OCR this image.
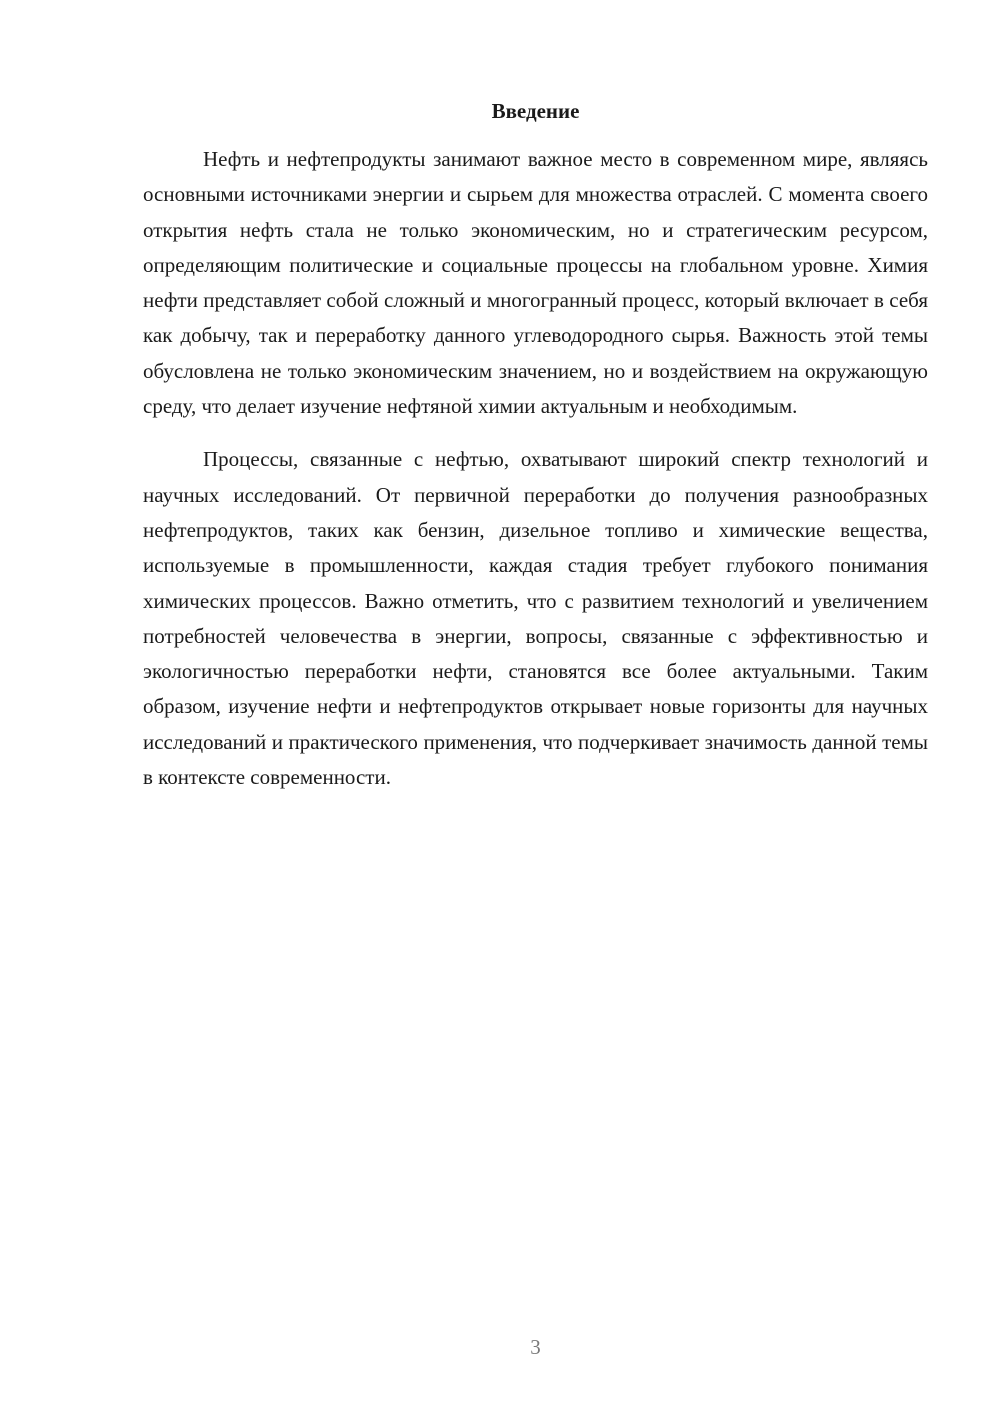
Введение

Нефть и нефтепродукты занимают важное место в современном мире, являясь основными источниками энергии и сырьем для множества отраслей. С момента своего открытия нефть стала не только экономическим, но и стратегическим ресурсом, определяющим политические и социальные процессы на глобальном уровне. Химия нефти представляет собой сложный и многогранный процесс, который включает в себя как добычу, так и переработку данного углеводородного сырья. Важность этой темы обусловлена не только экономическим значением, но и воздействием на окружающую среду, что делает изучение нефтяной химии актуальным и необходимым.

Процессы, связанные с нефтью, охватывают широкий спектр технологий и научных исследований. От первичной переработки до получения разнообразных нефтепродуктов, таких как бензин, дизельное топливо и химические вещества, используемые в промышленности, каждая стадия требует глубокого понимания химических процессов. Важно отметить, что с развитием технологий и увеличением потребностей человечества в энергии, вопросы, связанные с эффективностью и экологичностью переработки нефти, становятся все более актуальными. Таким образом, изучение нефти и нефтепродуктов открывает новые горизонты для научных исследований и практического применения, что подчеркивает значимость данной темы в контексте современности.

3
